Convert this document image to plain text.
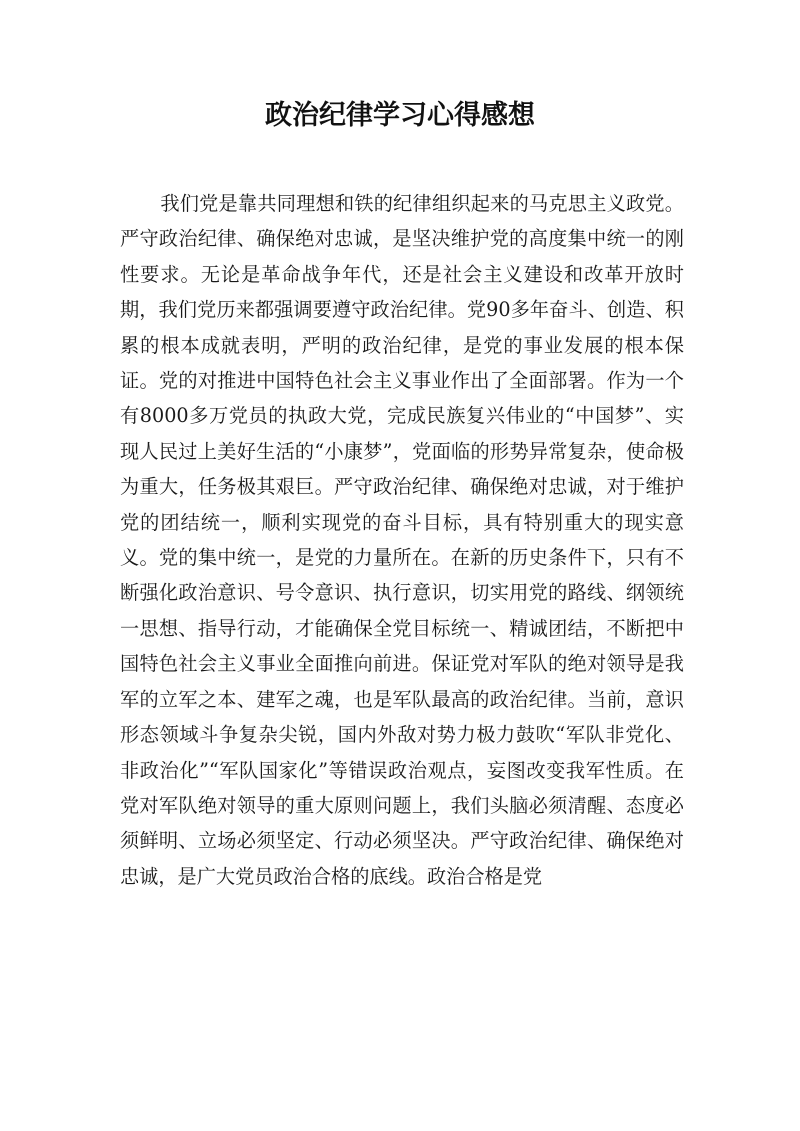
政治纪律学习心得感想

我们党是靠共同理想和铁的纪律组织起来的马克思主义政党。严守政治纪律、确保绝对忠诚，是坚决维护党的高度集中统一的刚性要求。无论是革命战争年代，还是社会主义建设和改革开放时期，我们党历来都强调要遵守政治纪律。党90多年奋斗、创造、积累的根本成就表明，严明的政治纪律，是党的事业发展的根本保证。党的对推进中国特色社会主义事业作出了全面部署。作为一个有8000多万党员的执政大党，完成民族复兴伟业的“中国梦”、实现人民过上美好生活的“小康梦”，党面临的形势异常复杂，使命极为重大，任务极其艰巨。严守政治纪律、确保绝对忠诚，对于维护党的团结统一，顺利实现党的奋斗目标，具有特别重大的现实意义。党的集中统一，是党的力量所在。在新的历史条件下，只有不断强化政治意识、号令意识、执行意识，切实用党的路线、纲领统一思想、指导行动，才能确保全党目标统一、精诚团结，不断把中国特色社会主义事业全面推向前进。保证党对军队的绝对领导是我军的立军之本、建军之魂，也是军队最高的政治纪律。当前，意识形态领域斗争复杂尖锐，国内外敌对势力极力鼓吹“军队非党化、非政治化”“军队国家化”等错误政治观点，妄图改变我军性质。在党对军队绝对领导的重大原则问题上，我们头脑必须清醒、态度必须鲜明、立场必须坚定、行动必须坚决。严守政治纪律、确保绝对忠诚，是广大党员政治合格的底线。政治合格是党
